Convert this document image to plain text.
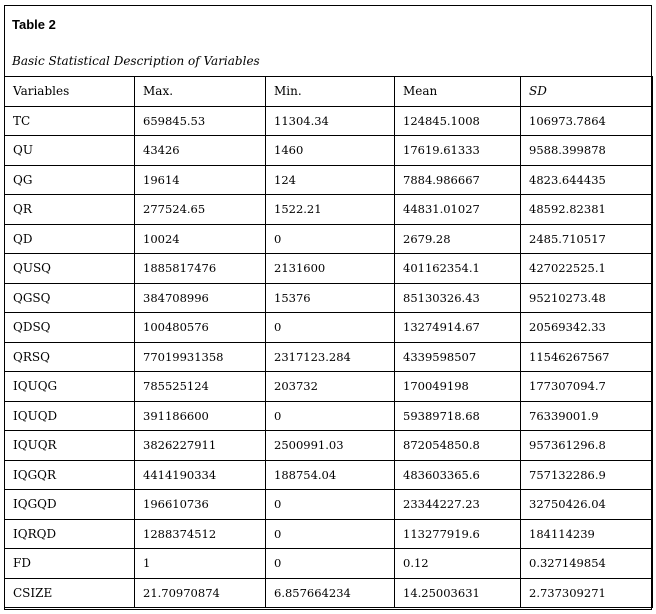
Table 2
Basic Statistical Description of Variables
Variables	Max.	Min.	Mean	SD
TC	659845.53	11304.34	124845.1008	106973.7864
QU	43426	1460	17619.61333	9588.399878
QG	19614	124	7884.986667	4823.644435
QR	277524.65	1522.21	44831.01027	48592.82381
QD	10024	0	2679.28	2485.710517
QUSQ	1885817476	2131600	401162354.1	427022525.1
QGSQ	384708996	15376	85130326.43	95210273.48
QDSQ	100480576	0	13274914.67	20569342.33
QRSQ	77019931358	2317123.284	4339598507	11546267567
IQUQG	785525124	203732	170049198	177307094.7
IQUQD	391186600	0	59389718.68	76339001.9
IQUQR	3826227911	2500991.03	872054850.8	957361296.8
IQGQR	4414190334	188754.04	483603365.6	757132286.9
IQGQD	196610736	0	23344227.23	32750426.04
IQRQD	1288374512	0	113277919.6	184114239
FD	1	0	0.12	0.327149854
CSIZE	21.70970874	6.857664234	14.25003631	2.737309271
